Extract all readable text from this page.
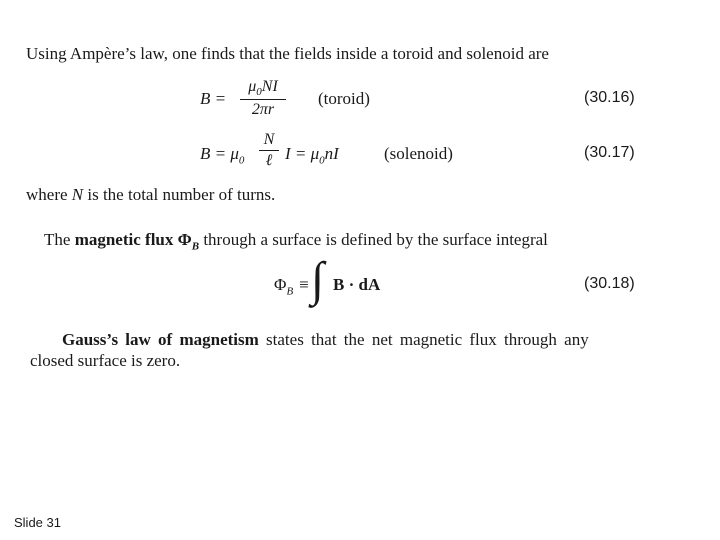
Using Ampère’s law, one finds that the fields inside a toroid and solenoid are
B =
$\mu_0NI$
2πr
(toroid)	(30.16)
$B = \mu_0$
N
ℓ $I = \mu_0nI$	(solenoid)	(30.17)
where N is the total number of turns.
The magnetic flux $\Phi_B$ through a surface is defined by the surface integral
$\Phi_B$ ≡ ∫ B · dA	(30.18)
Gauss’s law of magnetism states that the net magnetic flux through any
closed surface is zero.
Slide 31
